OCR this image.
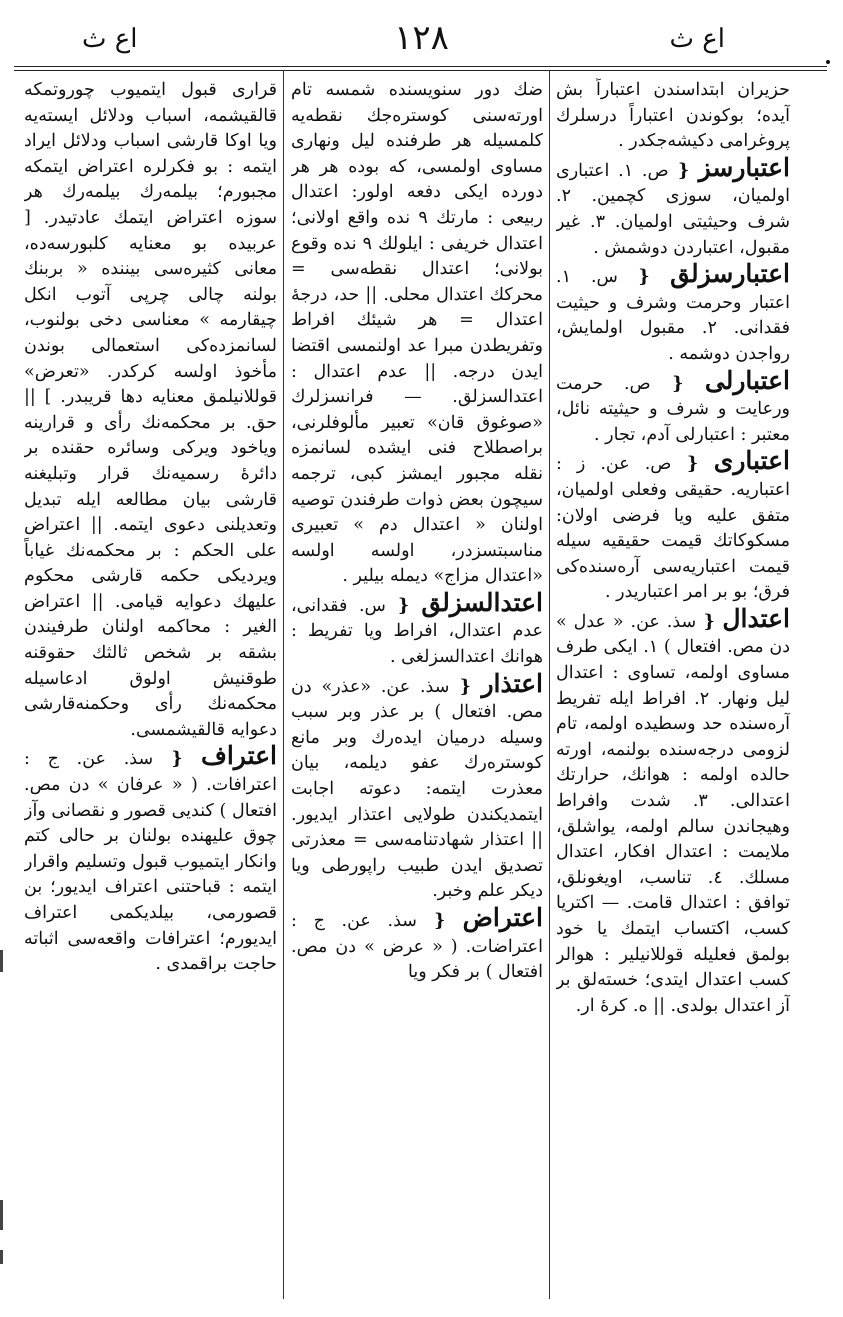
اع ث	١٢٨	اع ث

حزيران ابتداسندن اعتباراً بش آيده؛ بوكوندن اعتباراً درسلرك پروغرامى دكيشه‌جكدر .

اعتبارسز { ص. ١. اعتبارى اولميان، سوزى كچمين. ٢. شرف وحيثيتى اولميان. ٣. غير مقبول، اعتباردن دوشمش .

اعتبارسزلق { س. ١. اعتبار وحرمت وشرف و حيثيت فقدانى. ٢. مقبول اولمايش، رواجدن دوشمه .

اعتبارلى { ص. حرمت ورعايت و شرف و حيثيته نائل، معتبر : اعتبارلى آدم، تجار .

اعتبارى { ص. عن. ز : اعتباريه. حقيقى وفعلى اولميان، متفق عليه ويا فرضى اولان: مسكوكاتك قيمت حقيقيه سيله قيمت اعتباريه‌سى آره‌سنده‌كى فرق؛ بو بر امر اعتباريدر .

اعتدال { سذ. عن. « عدل » دن مص. افتعال ) ١. ايكى طرف مساوى اولمه، تساوى : اعتدال ليل ونهار. ٢. افراط ايله تفريط آره‌سنده حد وسطيده اولمه، تام لزومى درجه‌سنده بولنمه، اورته حالده اولمه : هوانك، حرارتك اعتدالى. ٣. شدت وافراط وهيجاندن سالم اولمه، يواشلق، ملايمت : اعتدال افكار، اعتدال مسلك. ٤. تناسب، اويغونلق، توافق : اعتدال قامت. — اكتريا كسب، اكتساب ايتمك يا خود بولمق فعليله قوللانيلير : هوالر كسب اعتدال ايتدى؛ خسته‌لق بر آز اعتدال بولدى. || ه. كرهٔ ار.

ضك دور سنويسنده شمسه تام اورته‌سنى كوستره‌جك نقطه‌يه كلمسيله هر طرفنده ليل ونهارى مساوى اولمسى، كه بوده هر هر دورده ايكى دفعه اولور: اعتدال ربيعى : مارتك ٩ نده واقع اولانى؛ اعتدال خريفى : ايلولك ٩ نده وقوع بولانى؛ اعتدال نقطه‌سى = محركك اعتدال محلى. || حد، درجهٔ اعتدال = هر شيئك افراط وتفريطدن مبرا عد اولنمسى اقتضا ايدن درجه. || عدم اعتدال : اعتدالسزلق. — فرانسزلرك «صوغوق قان» تعبير مألوفلرنى، براصطلاح فنى ايشده لسانمزه نقله مجبور ايمشز كبى، ترجمه سيچون بعض ذوات طرفندن توصيه اولنان « اعتدال دم » تعبيرى مناسبتسزدر، اولسه اولسه «اعتدال مزاج» ديمله بيلير .

اعتدالسزلق { س. فقدانى، عدم اعتدال، افراط ويا تفريط : هوانك اعتدالسزلغى .

اعتذار { سذ. عن. «عذر» دن مص. افتعال ) بر عذر وبر سبب وسيله درميان ايده‌رك وبر مانع كوستره‌رك عفو ديلمه، بيان معذرت ايتمه: دعوته اجابت ايتمديكندن طولايى اعتذار ايديور. || اعتذار شهادتنامه‌سى = معذرتى تصديق ايدن طبيب راپورطى ويا ديكر علم وخبر.

اعتراض { سذ. عن. ج : اعتراضات. ( « عرض » دن مص. افتعال ) بر فكر ويا

قرارى قبول ايتميوب چوروتمكه قالقيشمه، اسباب ودلائل ايسته‌يه ويا اوكا قارشى اسباب ودلائل ايراد ايتمه : بو فكرلره اعتراض ايتمكه مجبورم؛ بيلمه‌رك بيلمه‌رك هر سوزه اعتراض ايتمك عادتيدر. [ عربيده بو معنايه كلبورسه‌ده، معانى كثيره‌سى بيننده « بربنك بولنه چالى چرپى آتوب انكل چيقارمه » معناسى دخى بولنوب، لسانمزده‌كى استعمالى بوندن مأخوذ اولسه كركدر. «تعرض» قوللانيلمق معنايه دها قريبدر. ] || حق. بر محكمه‌نك رأى و قرارينه وياخود ويركى وسائره حقنده بر دائرهٔ رسميه‌نك قرار وتبليغنه قارشى بيان مطالعه ايله تبديل وتعديلنى دعوى ايتمه. || اعتراض على الحكم : بر محكمه‌نك غياباً ويرديكى حكمه قارشى محكوم عليهك دعوايه قيامى. || اعتراض الغير : محاكمه اولنان طرفيندن بشقه بر شخص ثالثك حقوقنه طوقنيش اولوق ادعاسيله محكمه‌نك رأى وحكمنه‌قارشى دعوايه قالقيشمسى.

اعتراف { سذ. عن. ج : اعترافات. ( « عرفان » دن مص. افتعال ) كنديى قصور و نقصانى وآز چوق عليهنده بولنان بر حالى كتم وانكار ايتميوب قبول وتسليم واقرار ايتمه : قباحتنى اعتراف ايديور؛ بن قصورمى، بيلديكمى اعتراف ايديورم؛ اعترافات واقعه‌سى اثباته حاجت براقمدى .
